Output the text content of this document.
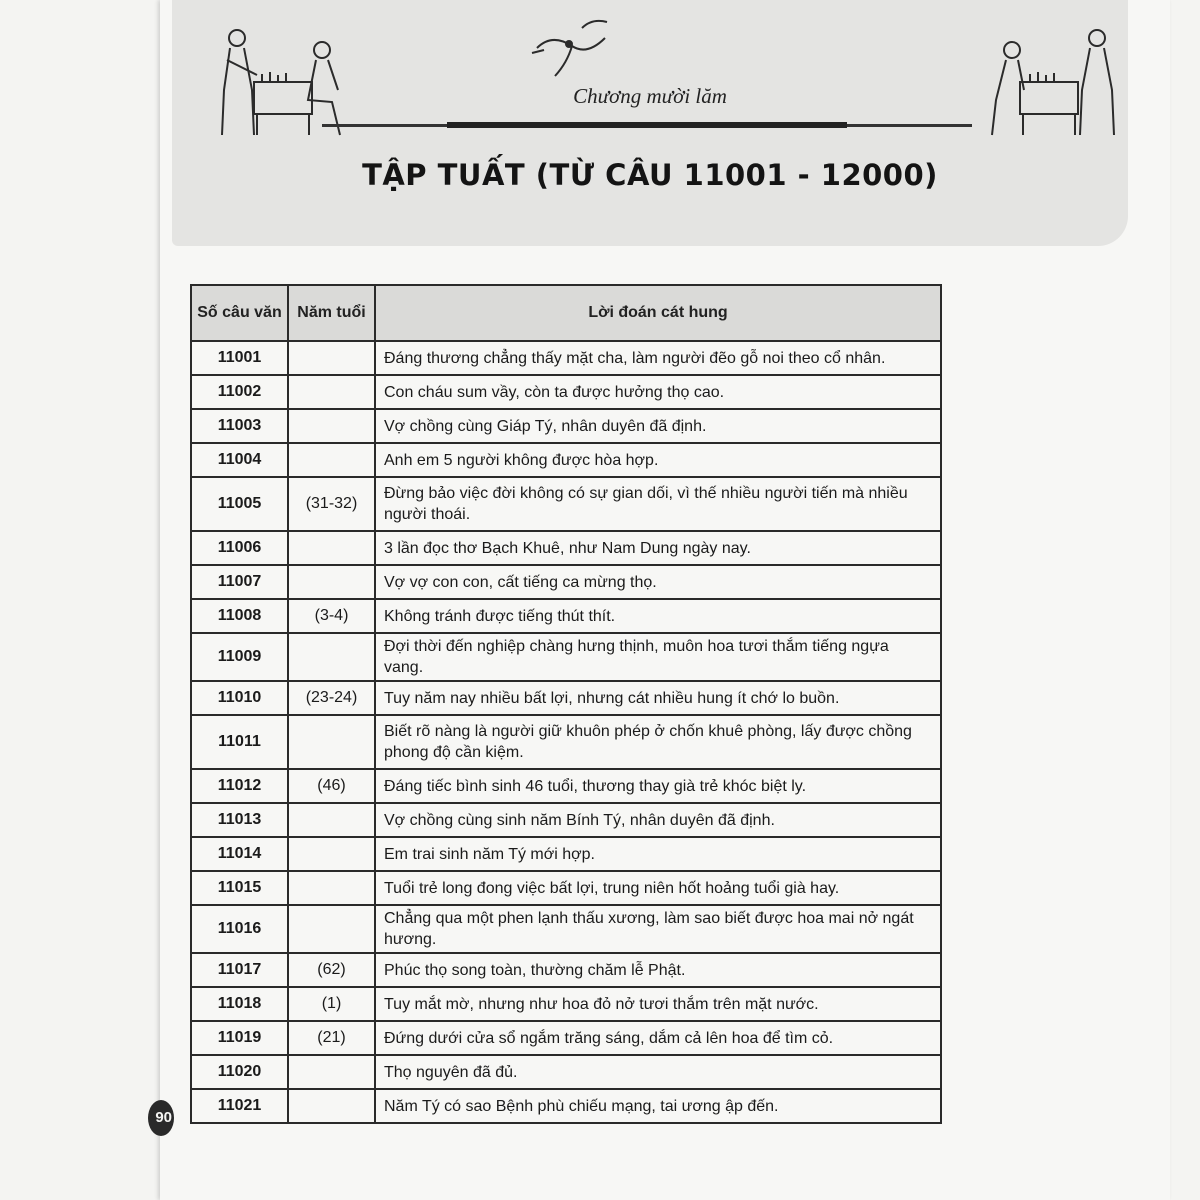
Chương mười lăm
TẬP TUẤT (TỪ CÂU 11001 - 12000)
Số câu văn	Năm tuổi	Lời đoán cát hung
11001		Đáng thương chẳng thấy mặt cha, làm người đẽo gỗ noi theo cổ nhân.
11002		Con cháu sum vầy, còn ta được hưởng thọ cao.
11003		Vợ chồng cùng Giáp Tý, nhân duyên đã định.
11004		Anh em 5 người không được hòa hợp.
11005	(31-32)	Đừng bảo việc đời không có sự gian dối, vì thế nhiều người tiến mà nhiều người thoái.
11006		3 lần đọc thơ Bạch Khuê, như Nam Dung ngày nay.
11007		Vợ vợ con con, cất tiếng ca mừng thọ.
11008	(3-4)	Không tránh được tiếng thút thít.
11009		Đợi thời đến nghiệp chàng hưng thịnh, muôn hoa tươi thắm tiếng ngựa vang.
11010	(23-24)	Tuy năm nay nhiều bất lợi, nhưng cát nhiều hung ít chớ lo buồn.
11011		Biết rõ nàng là người giữ khuôn phép ở chốn khuê phòng, lấy được chồng phong độ cần kiệm.
11012	(46)	Đáng tiếc bình sinh 46 tuổi, thương thay già trẻ khóc biệt ly.
11013		Vợ chồng cùng sinh năm Bính Tý, nhân duyên đã định.
11014		Em trai sinh năm Tý mới hợp.
11015		Tuổi trẻ long đong việc bất lợi, trung niên hốt hoảng tuổi già hay.
11016		Chẳng qua một phen lạnh thấu xương, làm sao biết được hoa mai nở ngát hương.
11017	(62)	Phúc thọ song toàn, thường chăm lễ Phật.
11018	(1)	Tuy mắt mờ, nhưng như hoa đỏ nở tươi thắm trên mặt nước.
11019	(21)	Đứng dưới cửa sổ ngắm trăng sáng, dắm cả lên hoa để tìm cỏ.
11020		Thọ nguyên đã đủ.
11021		Năm Tý có sao Bệnh phù chiếu mạng, tai ương ập đến.
90
